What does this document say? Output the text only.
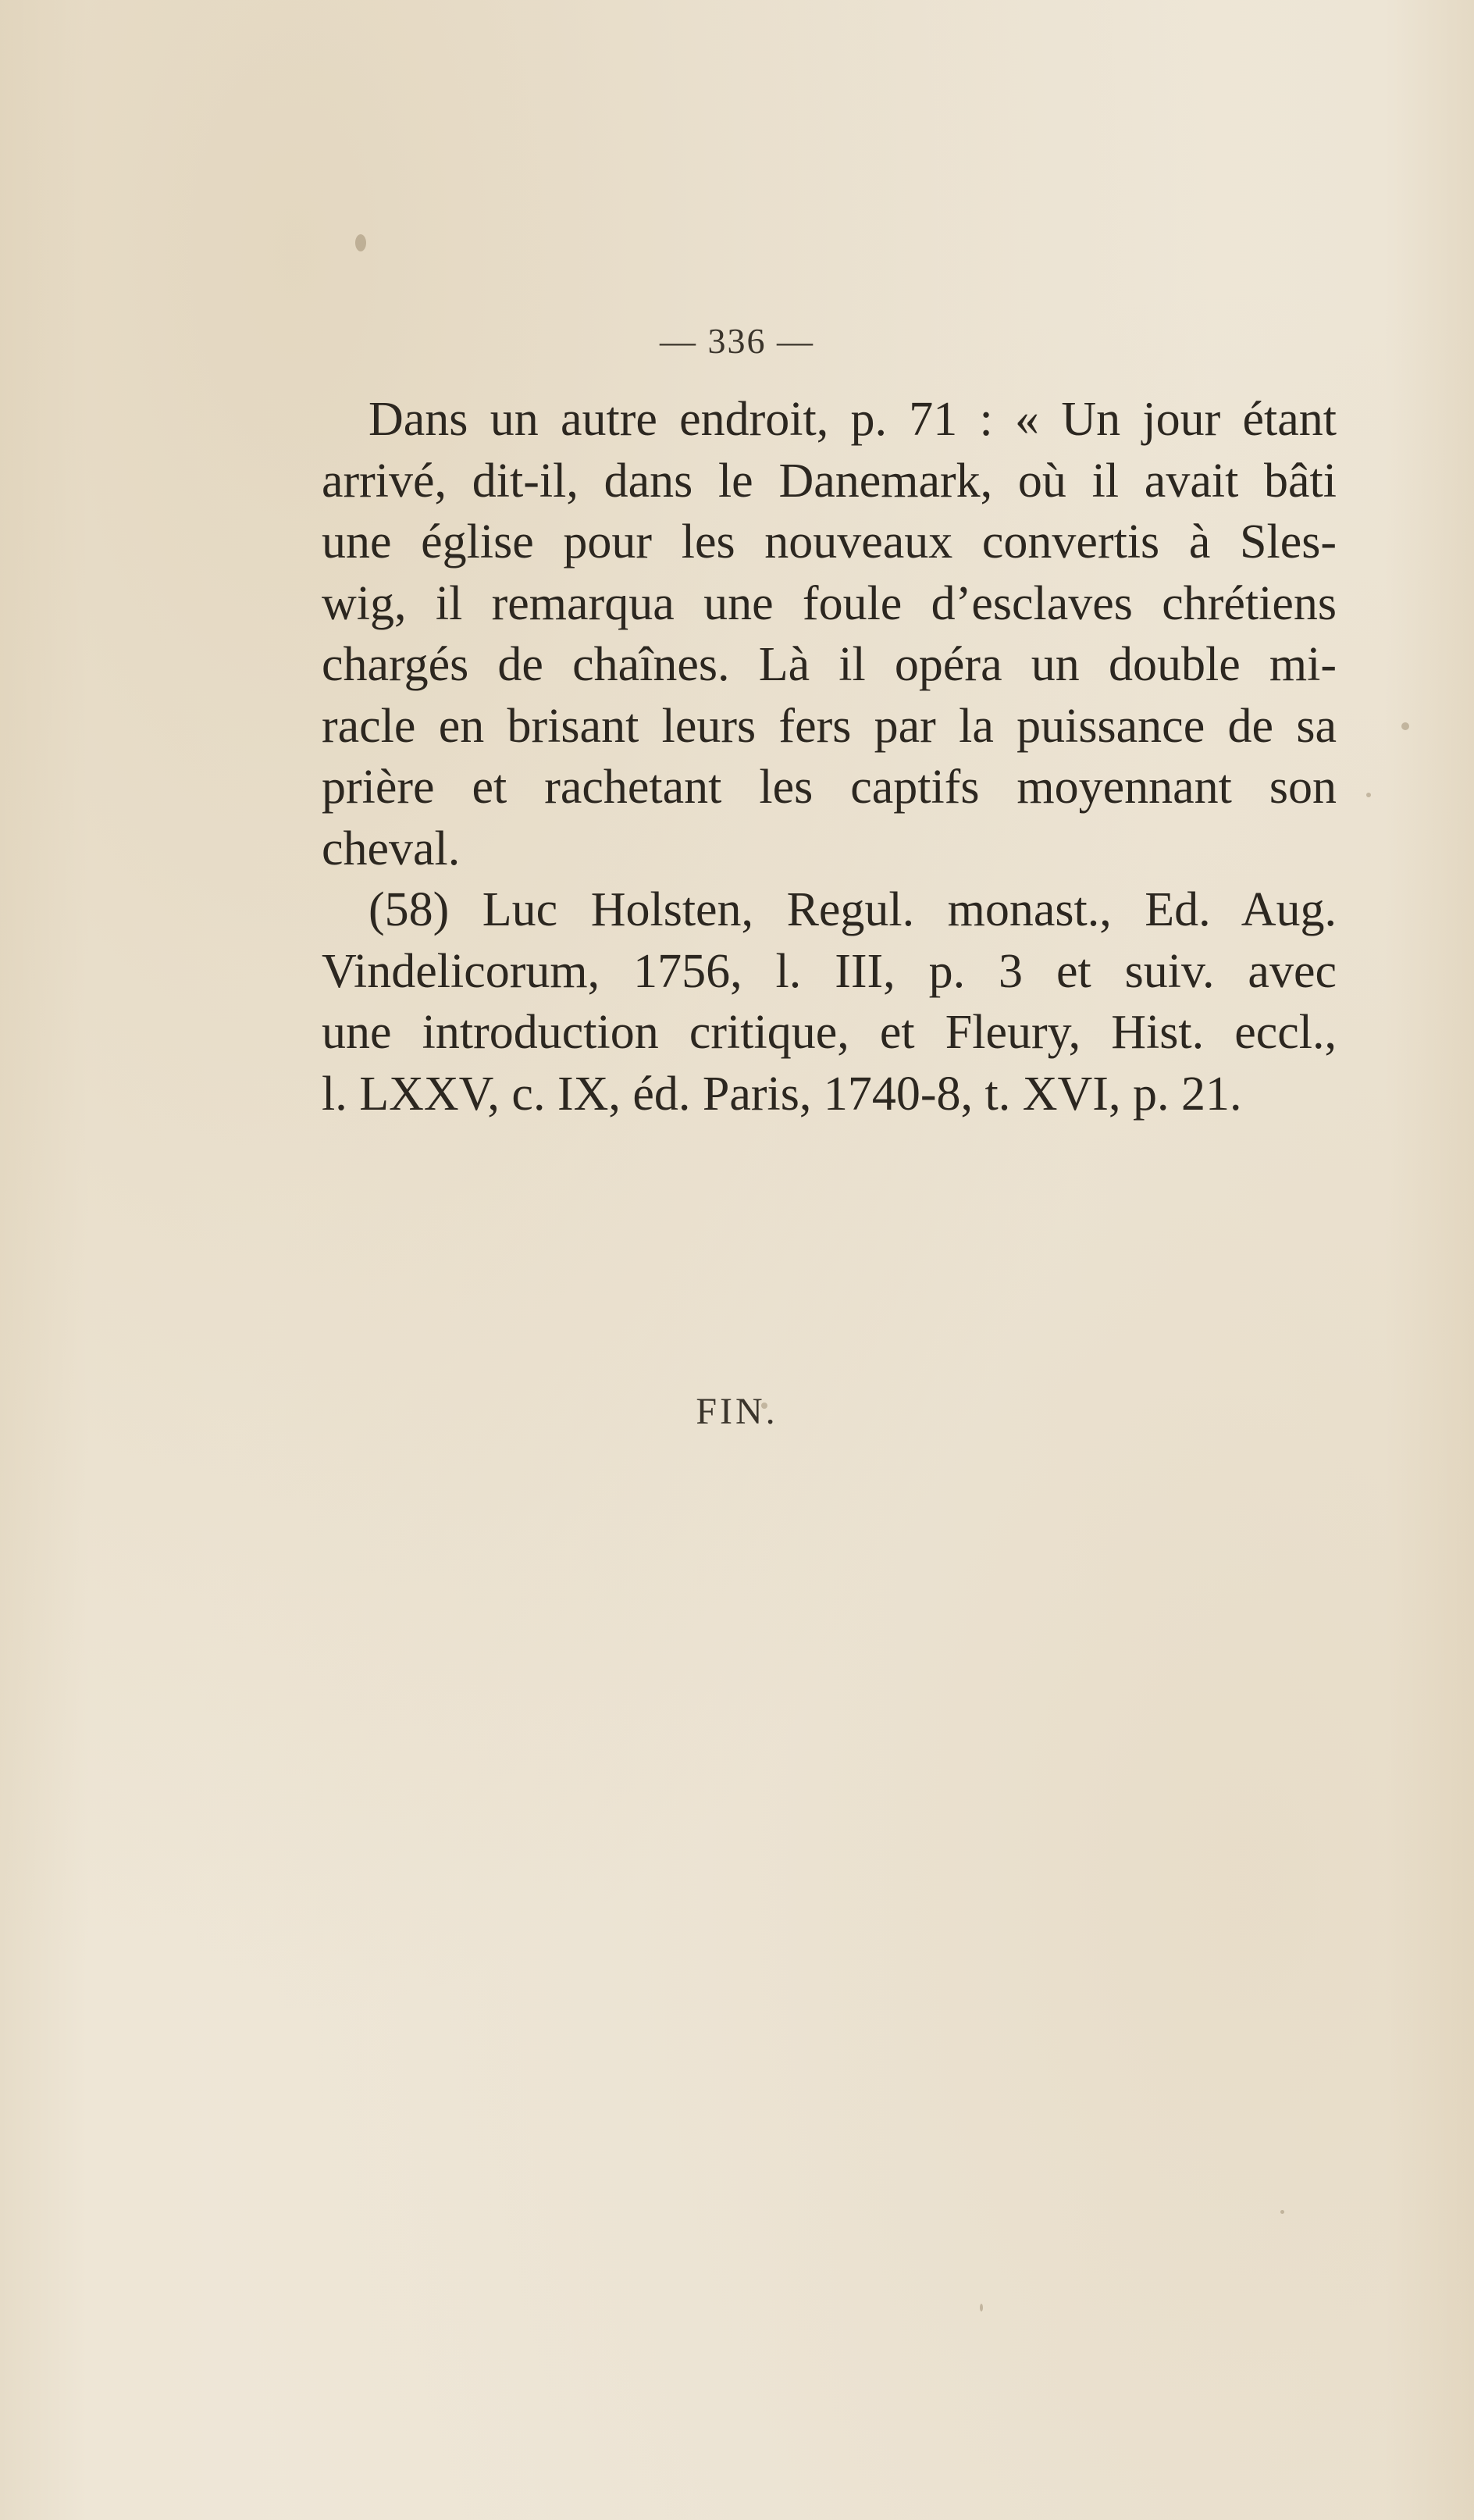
— 336 —
Dans un autre endroit, p. 71 : « Un jour étant
arrivé, dit-il, dans le Danemark, où il avait bâti
une église pour les nouveaux convertis à Sles-
wig, il remarqua une foule d’esclaves chrétiens
chargés de chaînes. Là il opéra un double mi-
racle en brisant leurs fers par la puissance de sa
prière et rachetant les captifs moyennant son
cheval.
(58) Luc Holsten, Regul. monast., Ed. Aug.
Vindelicorum, 1756, l. III, p. 3 et suiv. avec
une introduction critique, et Fleury, Hist. eccl.,
l. LXXV, c. IX, éd. Paris, 1740-8, t. XVI, p. 21.
FIN.
